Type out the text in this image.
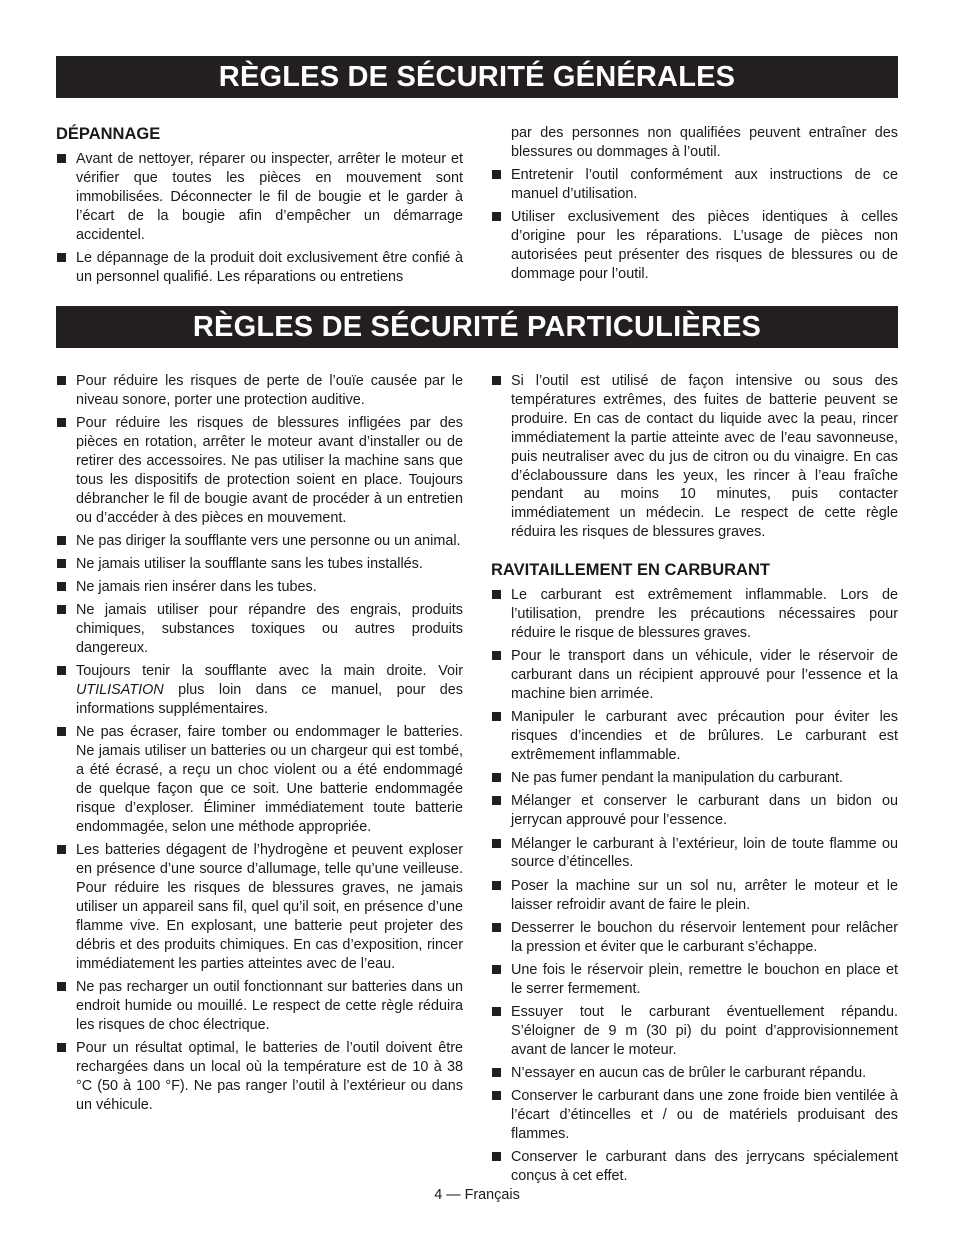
RÈGLES DE SÉCURITÉ GÉNÉRALES
DÉPANNAGE
Avant de nettoyer, réparer ou inspecter, arrêter le moteur et vérifier que toutes les pièces en mouvement sont immobilisées. Déconnecter le fil de bougie et le garder à l’écart de la bougie afin d’empêcher un démarrage accidentel.
Le dépannage de la produit doit exclusivement être confié à un personnel qualifié. Les réparations ou entretiens
par des personnes non qualifiées peuvent entraîner des blessures ou dommages à l’outil.
Entretenir l’outil conformément aux instructions de ce manuel d’utilisation.
Utiliser exclusivement des pièces identiques à celles d’origine pour les réparations. L’usage de pièces non autorisées peut présenter des risques de blessures ou de dommage pour l’outil.
RÈGLES DE SÉCURITÉ PARTICULIÈRES
Pour réduire les risques de perte de l’ouïe causée par le niveau sonore, porter une protection auditive.
Pour réduire les risques de blessures infligées par des pièces en rotation, arrêter le moteur avant d’installer ou de retirer des accessoires. Ne pas utiliser la machine sans que tous les dispositifs de protection soient en place. Toujours débrancher le fil de bougie avant de procéder à un entretien ou d’accéder à des pièces en mouvement.
Ne pas diriger la soufflante vers une personne ou un animal.
Ne jamais utiliser la soufflante sans les tubes installés.
Ne jamais rien insérer dans les tubes.
Ne jamais utiliser pour répandre des engrais, produits chimiques, substances toxiques ou autres produits dangereux.
Toujours tenir la soufflante avec la main droite. Voir UTILISATION plus loin dans ce manuel, pour des informations supplémentaires.
Ne pas écraser, faire tomber ou endommager le batteries. Ne jamais utiliser un batteries ou un chargeur qui est tombé, a été écrasé, a reçu un choc violent ou a été endommagé de quelque façon que ce soit. Une batterie endommagée risque d’exploser. Éliminer immédiatement toute batterie endommagée, selon une méthode appropriée.
Les batteries dégagent de l’hydrogène et peuvent exploser en présence d’une source d’allumage, telle qu’une veilleuse. Pour réduire les risques de blessures graves, ne jamais utiliser un appareil sans fil, quel qu’il soit, en présence d’une flamme vive. En explosant, une batterie peut projeter des débris et des produits chimiques. En cas d’exposition, rincer immédiatement les parties atteintes avec de l’eau.
Ne pas recharger un outil fonctionnant sur batteries dans un endroit humide ou mouillé. Le respect de cette règle réduira les risques de choc électrique.
Pour un résultat optimal, le batteries de l’outil doivent être rechargées dans un local où la température est de 10 à 38 °C (50 à 100 °F). Ne pas ranger l’outil à l’extérieur ou dans un véhicule.
Si l’outil est utilisé de façon intensive ou sous des températures extrêmes, des fuites de batterie peuvent se produire. En cas de contact du liquide avec la peau, rincer immédiatement la partie atteinte avec de l’eau savonneuse, puis neutraliser avec du jus de citron ou du vinaigre. En cas d’éclaboussure dans les yeux, les rincer à l’eau fraîche pendant au moins 10 minutes, puis contacter immédiatement un médecin. Le respect de cette règle réduira les risques de blessures graves.
RAVITAILLEMENT EN CARBURANT
Le carburant est extrêmement inflammable. Lors de l’utilisation, prendre les précautions nécessaires pour réduire le risque de blessures graves.
Pour le transport dans un véhicule, vider le réservoir de carburant dans un récipient approuvé pour l’essence et la machine bien arrimée.
Manipuler le carburant avec précaution pour éviter les risques d’incendies et de brûlures. Le carburant est extrêmement inflammable.
Ne pas fumer pendant la manipulation du carburant.
Mélanger et conserver le carburant dans un bidon ou jerrycan approuvé pour l’essence.
Mélanger le carburant à l’extérieur, loin de toute flamme ou source d’étincelles.
Poser la machine sur un sol nu, arrêter le moteur et le laisser refroidir avant de faire le plein.
Desserrer le bouchon du réservoir lentement pour relâcher la pression et éviter que le carburant s’échappe.
Une fois le réservoir plein, remettre le bouchon en place et le serrer fermement.
Essuyer tout le carburant éventuellement répandu. S’éloigner de 9 m (30 pi) du point d’approvisionnement avant de lancer le moteur.
N’essayer en aucun cas de brûler le carburant répandu.
Conserver le carburant dans une zone froide bien ventilée à l’écart d’étincelles et / ou de matériels produisant des flammes.
Conserver le carburant dans des jerrycans spécialement conçus à cet effet.
4 — Français
